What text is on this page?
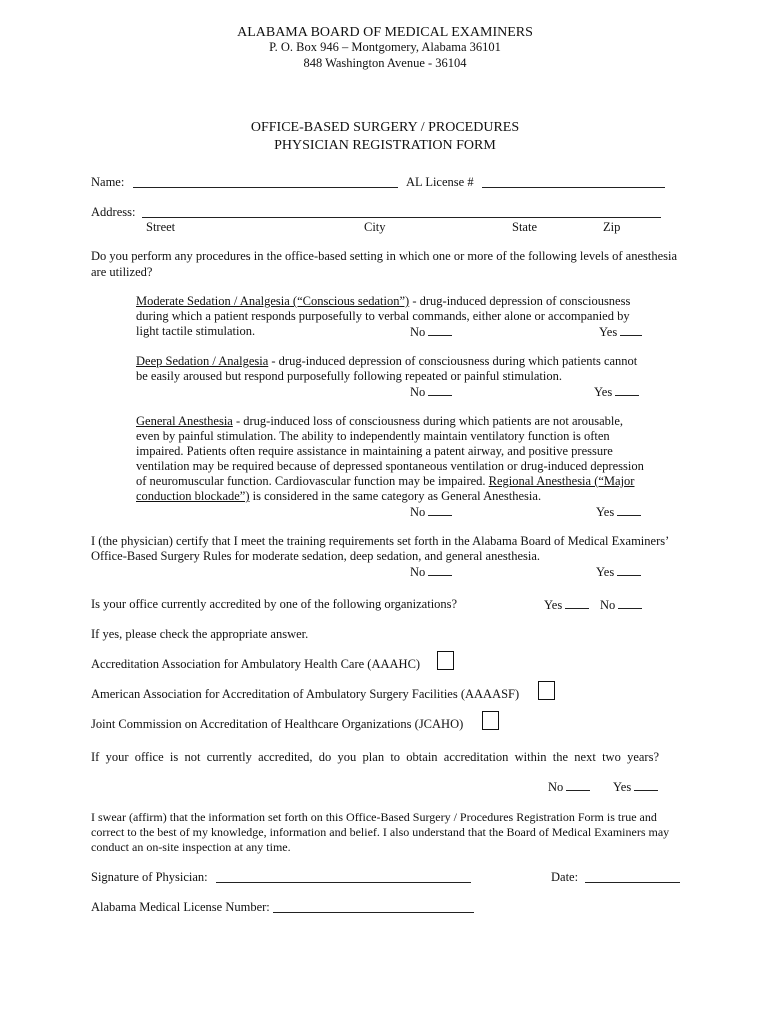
ALABAMA BOARD OF MEDICAL EXAMINERS
P. O. Box 946 – Montgomery, Alabama 36101
848 Washington Avenue - 36104
OFFICE-BASED SURGERY / PROCEDURES
PHYSICIAN REGISTRATION FORM
Name:	AL License #
Address:
Street	City	State	Zip
Do you perform any procedures in the office-based setting in which one or more of the following levels of anesthesia
are utilized?
Moderate Sedation / Analgesia (“Conscious sedation”) - drug-induced depression of consciousness
during which a patient responds purposefully to verbal commands, either alone or accompanied by
light tactile stimulation.	No	Yes
Deep Sedation / Analgesia - drug-induced depression of consciousness during which patients cannot
be easily aroused but respond purposefully following repeated or painful stimulation.
No	Yes
General Anesthesia - drug-induced loss of consciousness during which patients are not arousable,
even by painful stimulation. The ability to independently maintain ventilatory function is often
impaired. Patients often require assistance in maintaining a patent airway, and positive pressure
ventilation may be required because of depressed spontaneous ventilation or drug-induced depression
of neuromuscular function. Cardiovascular function may be impaired. Regional Anesthesia (“Major
conduction blockade”) is considered in the same category as General Anesthesia.
No	Yes
I (the physician) certify that I meet the training requirements set forth in the Alabama Board of Medical Examiners’
Office-Based Surgery Rules for moderate sedation, deep sedation, and general anesthesia.
No	Yes
Is your office currently accredited by one of the following organizations?	Yes	No
If yes, please check the appropriate answer.
Accreditation Association for Ambulatory Health Care (AAAHC)
American Association for Accreditation of Ambulatory Surgery Facilities (AAAASF)
Joint Commission on Accreditation of Healthcare Organizations (JCAHO)
If  your  office  is  not  currently  accredited,  do  you  plan  to  obtain  accreditation  within  the  next  two  years?
No	Yes
I swear (affirm) that the information set forth on this Office-Based Surgery / Procedures Registration Form is true and
correct to the best of my knowledge, information and belief. I also understand that the Board of Medical Examiners may
conduct an on-site inspection at any time.
Signature of Physician:	Date:
Alabama Medical License Number:
